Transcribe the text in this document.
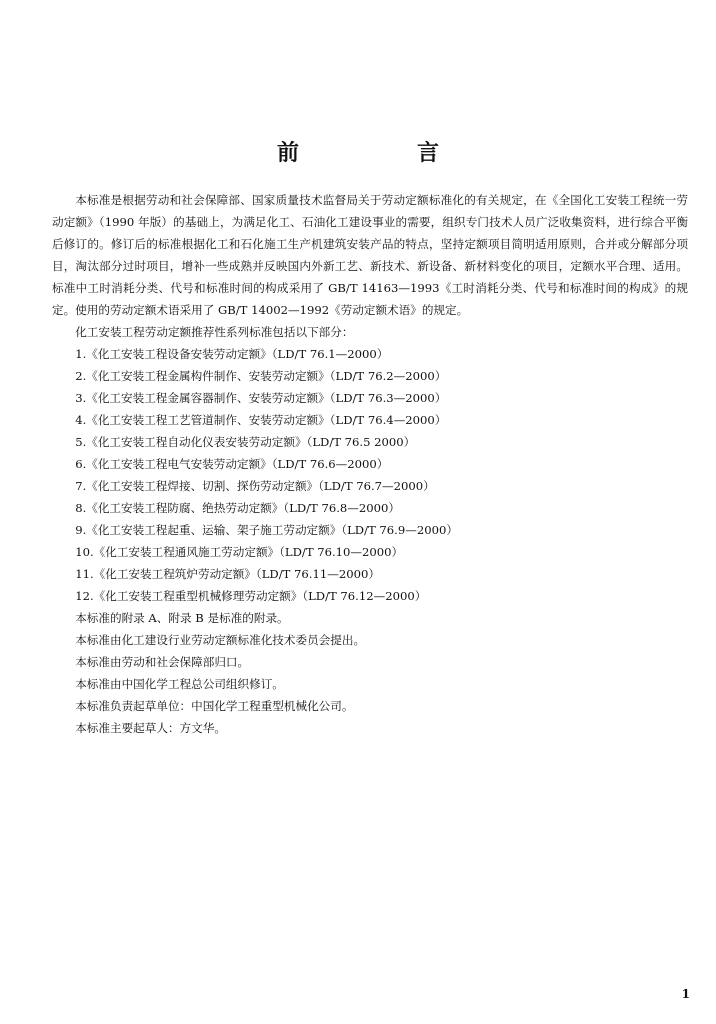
前　言

本标准是根据劳动和社会保障部、国家质量技术监督局关于劳动定额标准化的有关规定，在《全国化工安装工程统一劳动定额》（1990 年版）的基础上，为满足化工、石油化工建设事业的需要，组织专门技术人员广泛收集资料，进行综合平衡后修订的。修订后的标准根据化工和石化施工生产机建筑安装产品的特点，坚持定额项目简明适用原则，合并或分解部分项目，淘汰部分过时项目，增补一些成熟并反映国内外新工艺、新技术、新设备、新材料变化的项目，定额水平合理、适用。标准中工时消耗分类、代号和标准时间的构成采用了 GB/T 14163—1993《工时消耗分类、代号和标准时间的构成》的规定。使用的劳动定额术语采用了 GB/T 14002—1992《劳动定额术语》的规定。

化工安装工程劳动定额推荐性系列标准包括以下部分：

1.《化工安装工程设备安装劳动定额》（LD/T 76.1—2000）
2.《化工安装工程金属构件制作、安装劳动定额》（LD/T 76.2—2000）
3.《化工安装工程金属容器制作、安装劳动定额》（LD/T 76.3—2000）
4.《化工安装工程工艺管道制作、安装劳动定额》（LD/T 76.4—2000）
5.《化工安装工程自动化仪表安装劳动定额》（LD/T 76.5 2000）
6.《化工安装工程电气安装劳动定额》（LD/T 76.6—2000）
7.《化工安装工程焊接、切割、探伤劳动定额》（LD/T 76.7—2000）
8.《化工安装工程防腐、绝热劳动定额》（LD/T 76.8—2000）
9.《化工安装工程起重、运输、架子施工劳动定额》（LD/T 76.9—2000）
10.《化工安装工程通风施工劳动定额》（LD/T 76.10—2000）
11.《化工安装工程筑炉劳动定额》（LD/T 76.11—2000）
12.《化工安装工程重型机械修理劳动定额》（LD/T 76.12—2000）

本标准的附录 A、附录 B 是标准的附录。

本标准由化工建设行业劳动定额标准化技术委员会提出。

本标准由劳动和社会保障部归口。

本标准由中国化学工程总公司组织修订。

本标准负责起草单位：中国化学工程重型机械化公司。

本标准主要起草人：方文华。

1
